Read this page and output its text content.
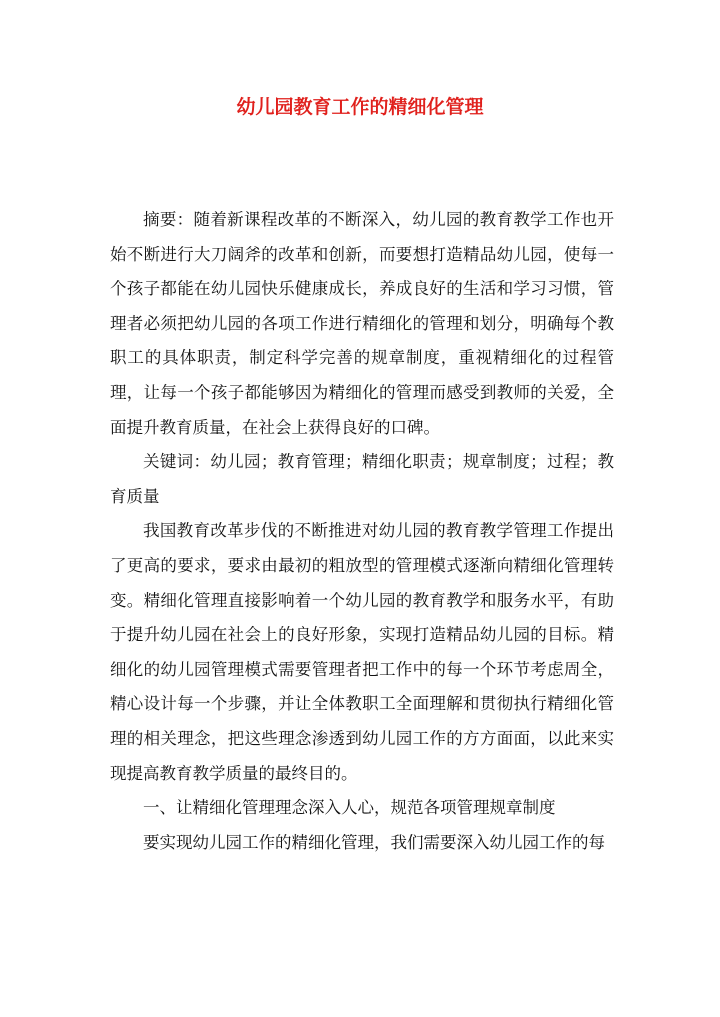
幼儿园教育工作的精细化管理

摘要：随着新课程改革的不断深入，幼儿园的教育教学工作也开始不断进行大刀阔斧的改革和创新，而要想打造精品幼儿园，使每一个孩子都能在幼儿园快乐健康成长，养成良好的生活和学习习惯，管理者必须把幼儿园的各项工作进行精细化的管理和划分，明确每个教职工的具体职责，制定科学完善的规章制度，重视精细化的过程管理，让每一个孩子都能够因为精细化的管理而感受到教师的关爱，全面提升教育质量，在社会上获得良好的口碑。

关键词：幼儿园；教育管理；精细化职责；规章制度；过程；教育质量

我国教育改革步伐的不断推进对幼儿园的教育教学管理工作提出了更高的要求，要求由最初的粗放型的管理模式逐渐向精细化管理转变。精细化管理直接影响着一个幼儿园的教育教学和服务水平，有助于提升幼儿园在社会上的良好形象，实现打造精品幼儿园的目标。精细化的幼儿园管理模式需要管理者把工作中的每一个环节考虑周全，精心设计每一个步骤，并让全体教职工全面理解和贯彻执行精细化管理的相关理念，把这些理念渗透到幼儿园工作的方方面面，以此来实现提高教育教学质量的最终目的。

一、让精细化管理理念深入人心，规范各项管理规章制度

要实现幼儿园工作的精细化管理，我们需要深入幼儿园工作的每
